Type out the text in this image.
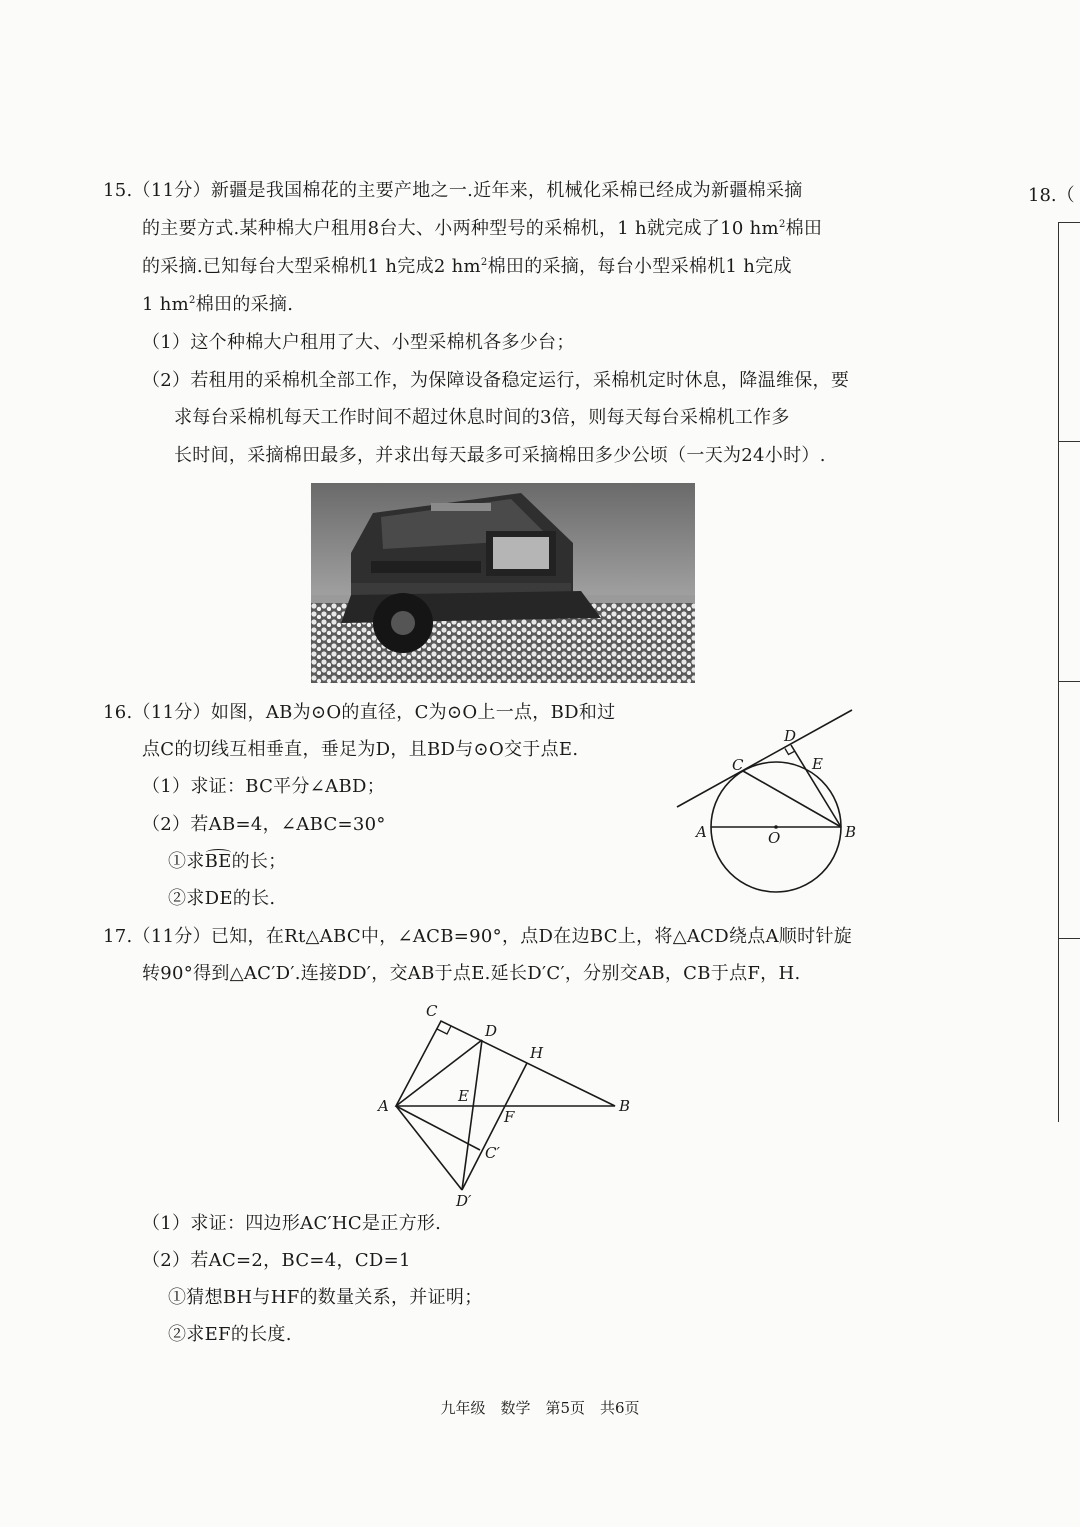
15.（11分）新疆是我国棉花的主要产地之一.近年来，机械化采棉已经成为新疆棉采摘
的主要方式.某种棉大户租用8台大、小两种型号的采棉机，1 h就完成了10 $hm^2$棉田
的采摘.已知每台大型采棉机1 h完成2 $hm^2$棉田的采摘，每台小型采棉机1 h完成
1 $hm^2$棉田的采摘.
（1）这个种棉大户租用了大、小型采棉机各多少台；
（2）若租用的采棉机全部工作，为保障设备稳定运行，采棉机定时休息，降温维保，要
求每台采棉机每天工作时间不超过休息时间的3倍，则每天每台采棉机工作多
长时间，采摘棉田最多，并求出每天最多可采摘棉田多少公顷（一天为24小时）.
16.（11分）如图，AB为⊙O的直径，C为⊙O上一点，BD和过
点C的切线互相垂直，垂足为D，且BD与⊙O交于点E.
（1）求证：BC平分∠ABD；
（2）若AB=4，∠ABC=30°
①求BE的长；
②求DE的长.
A	B
C
D
E
O
17.（11分）已知，在Rt△ABC中，∠ACB=90°，点D在边BC上，将△ACD绕点A顺时针旋
转90°得到△AC′D′.连接DD′，交AB于点E.延长D′C′，分别交AB，CB于点F，H.
C
D
H
A	B
E
F
C′
D′
（1）求证：四边形AC′HC是正方形.
（2）若AC=2，BC=4，CD=1
①猜想BH与HF的数量关系，并证明；
②求EF的长度.
九年级　数学　第5页　共6页
18.（
